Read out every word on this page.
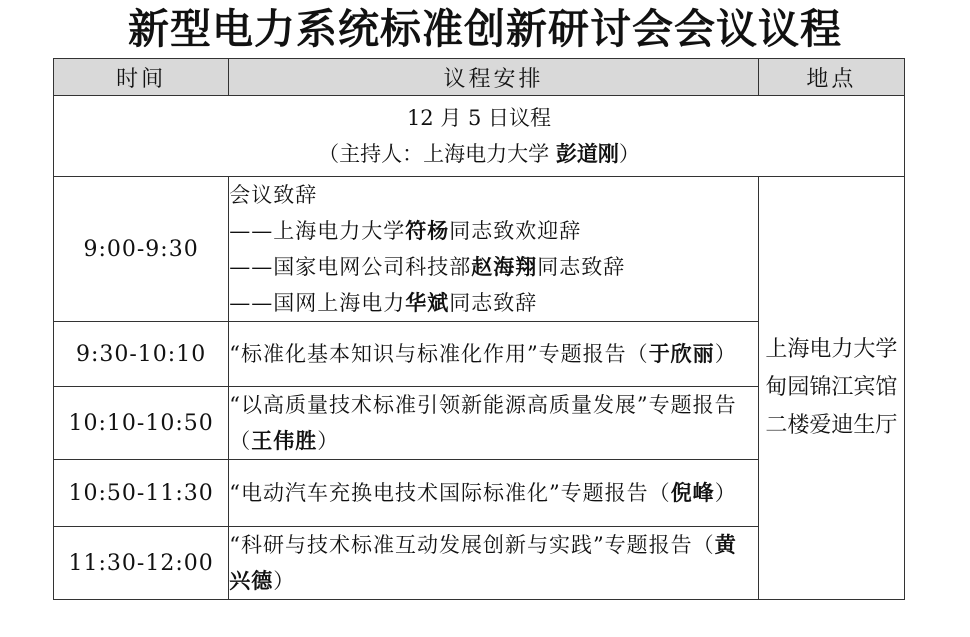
新型电力系统标准创新研讨会会议议程
时间	议程安排	地点

12 月 5 日议程
（主持人：上海电力大学 彭道刚）		

9:00-9:30	会议致辞
——上海电力大学符杨同志致欢迎辞
——国家电网公司科技部赵海翔同志致辞
——国网上海电力华斌同志致辞	上海电力大学甸园锦江宾馆二楼爱迪生厅
9:30-10:10	“标准化基本知识与标准化作用”专题报告（于欣丽）	
10:10-10:50	“以高质量技术标准引领新能源高质量发展”专题报告（王伟胜）	
10:50-11:30	“电动汽车充换电技术国际标准化”专题报告（倪峰）	
11:30-12:00	“科研与技术标准互动发展创新与实践”专题报告（黄兴德）	
